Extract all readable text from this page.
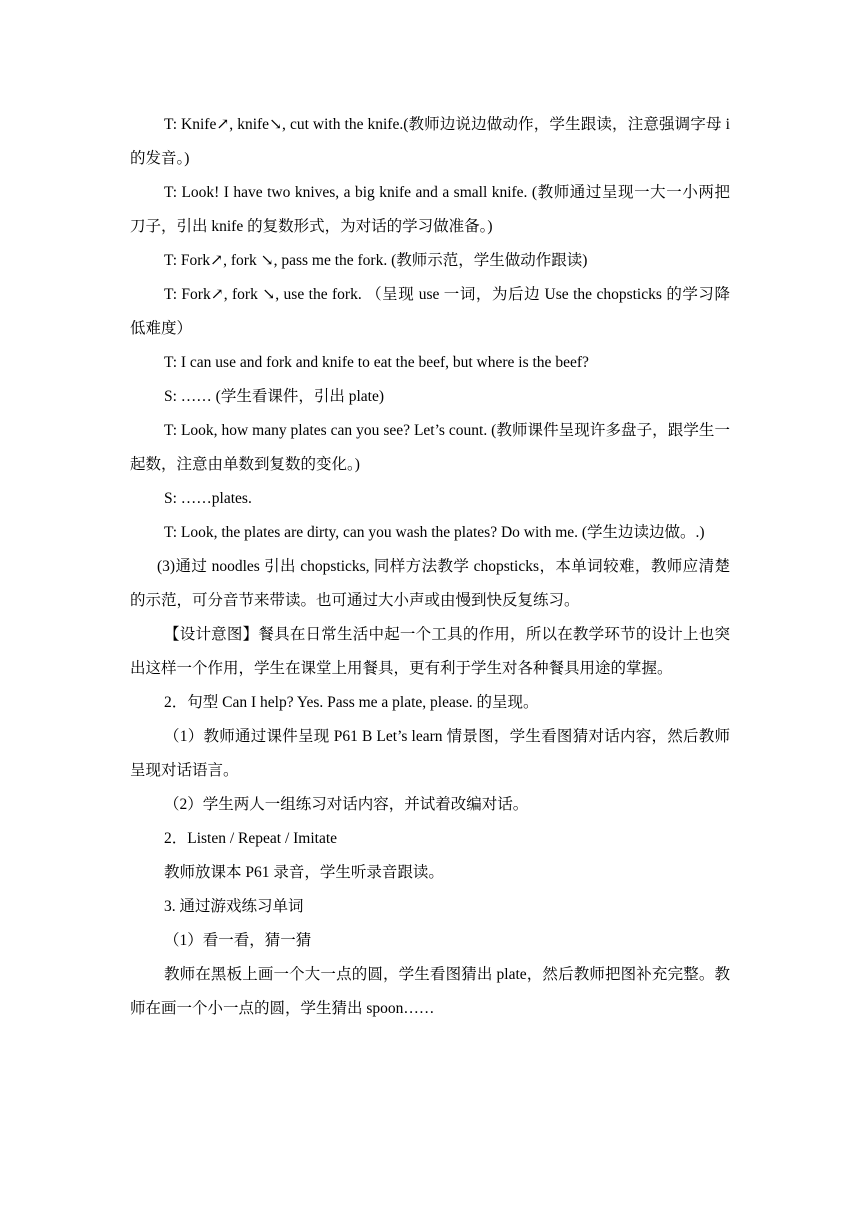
T: Knife↗, knife↘, cut with the knife.(教师边说边做动作，学生跟读，注意强调字母 i 的发音。)

T: Look! I have two knives, a big knife and a small knife. (教师通过呈现一大一小两把刀子，引出 knife 的复数形式，为对话的学习做准备。)

T: Fork↗, fork ↘, pass me the fork. (教师示范，学生做动作跟读)

T: Fork↗, fork ↘, use the fork. （呈现 use 一词，为后边 Use the chopsticks 的学习降低难度）

T: I can use and fork and knife to eat the beef, but where is the beef?

S: …… (学生看课件，引出 plate)

T: Look, how many plates can you see? Let’s count. (教师课件呈现许多盘子，跟学生一起数，注意由单数到复数的变化。)

S: ……plates.

T: Look, the plates are dirty, can you wash the plates? Do with me. (学生边读边做。.)

(3)通过 noodles 引出 chopsticks, 同样方法教学 chopsticks，本单词较难，教师应清楚的示范，可分音节来带读。也可通过大小声或由慢到快反复练习。

【设计意图】餐具在日常生活中起一个工具的作用，所以在教学环节的设计上也突出这样一个作用，学生在课堂上用餐具，更有利于学生对各种餐具用途的掌握。

2．句型 Can I help? Yes. Pass me a plate, please. 的呈现。

（1）教师通过课件呈现 P61 B Let’s learn 情景图，学生看图猜对话内容，然后教师呈现对话语言。

（2）学生两人一组练习对话内容，并试着改编对话。

2．Listen / Repeat / Imitate

教师放课本 P61 录音，学生听录音跟读。

3. 通过游戏练习单词

（1）看一看，猜一猜

教师在黑板上画一个大一点的圆，学生看图猜出 plate，然后教师把图补充完整。教师在画一个小一点的圆，学生猜出 spoon……
